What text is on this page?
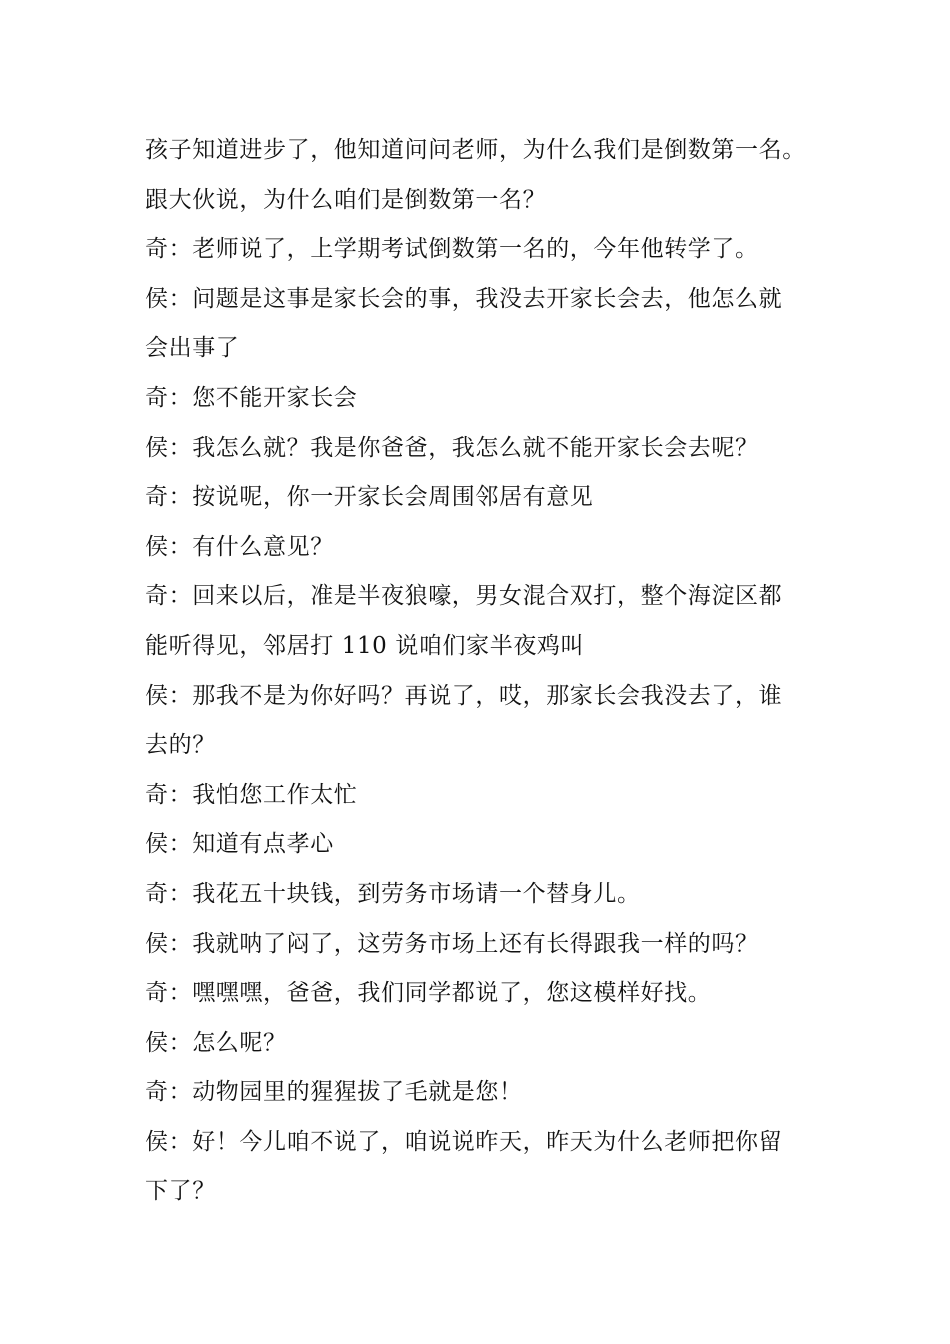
孩子知道进步了，他知道问问老师，为什么我们是倒数第一名。
跟大伙说，为什么咱们是倒数第一名？
奇：老师说了，上学期考试倒数第一名的，今年他转学了。
侯：问题是这事是家长会的事，我没去开家长会去，他怎么就
会出事了
奇：您不能开家长会
侯：我怎么就？我是你爸爸，我怎么就不能开家长会去呢？
奇：按说呢，你一开家长会周围邻居有意见
侯：有什么意见？
奇：回来以后，准是半夜狼嚎，男女混合双打，整个海淀区都
能听得见，邻居打 110 说咱们家半夜鸡叫
侯：那我不是为你好吗？再说了，哎，那家长会我没去了，谁
去的？
奇：我怕您工作太忙
侯：知道有点孝心
奇：我花五十块钱，到劳务市场请一个替身儿。
侯：我就呐了闷了，这劳务市场上还有长得跟我一样的吗？
奇：嘿嘿嘿，爸爸，我们同学都说了，您这模样好找。
侯：怎么呢？
奇：动物园里的猩猩拔了毛就是您！
侯：好！今儿咱不说了，咱说说昨天，昨天为什么老师把你留
下了？
